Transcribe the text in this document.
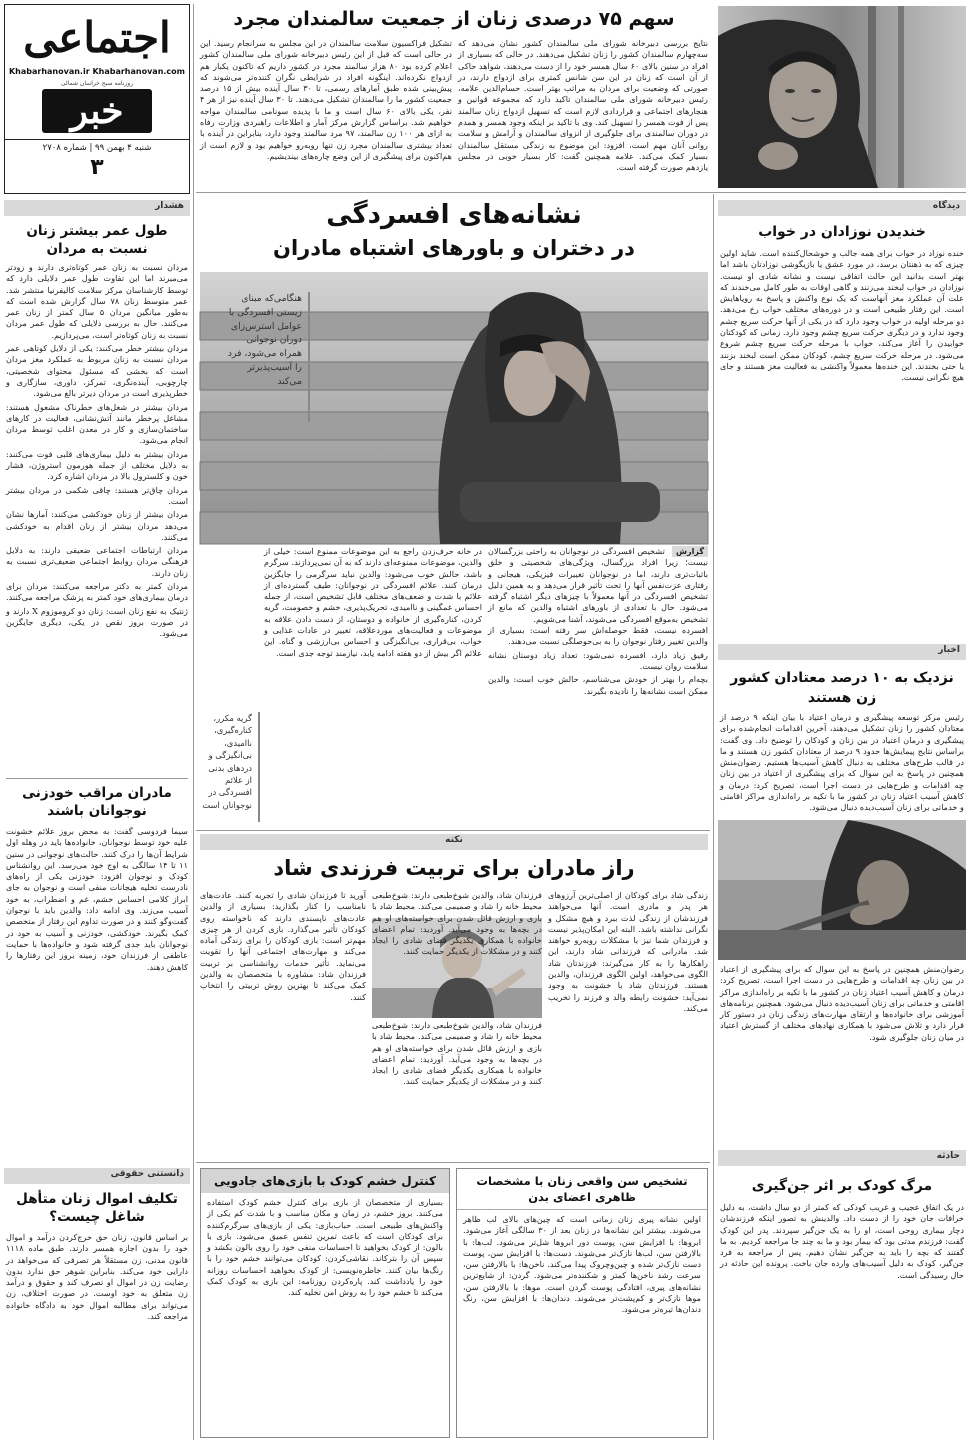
اجتماعی
Khabarhanovan.ir Khabarhanovan.com
روزنامه صبح خراسان شمالی
خبر
شنبه ۴ بهمن ۹۹ | شماره ۲۷۰۸
۳
سهم ۷۵ درصدی زنان از جمعیت سالمندان مجرد
نتایج بررسی دبیرخانه شورای ملی سالمندان کشور نشان می‌دهد که سه‌چهارم سالمندان کشور را زنان تشکیل می‌دهند. در حالی که بسیاری از افراد در سنین بالای ۶۰ سال همسر خود را از دست می‌دهند، شواهد حاکی از آن است که زنان در این سن شانس کمتری برای ازدواج دارند، در صورتی که وضعیت برای مردان به مراتب بهتر است. حسام‌الدین علامه، رئیس دبیرخانه شورای ملی سالمندان تاکید دارد که مجموعه قوانین و هنجارهای اجتماعی و قراردادی لازم است که تسهیل ازدواج زنان سالمند پس از فوت همسر را تسهیل کند. وی با تاکید بر اینکه وجود همسر و همدم در دوران سالمندی برای جلوگیری از انزوای سالمندان و آرامش و سلامت روانی آنان مهم است، افزود: این موضوع به زندگی مستقل سالمندان بسیار کمک می‌کند. علامه همچنین گفت: کار بسیار خوبی در مجلس یازدهم صورت گرفته است.
تشکیل فراکسیون سلامت سالمندان در این مجلس به سرانجام رسید. این در حالی است که قبل از این رئیس دبیرخانه شورای ملی سالمندان کشور اعلام کرده بود ۸۰ هزار سالمند مجرد در کشور داریم که تاکنون یکبار هم ازدواج نکرده‌اند. اینگونه افراد در شرایطی نگران کننده‌تر می‌شوند که پیش‌بینی شده طبق آمارهای رسمی، تا ۳۰ سال آینده بیش از ۱۵ درصد جمعیت کشور ما را سالمندان تشکیل می‌دهند. تا ۳۰ سال آینده نیز از هر ۴ نفر، یکی بالای ۶۰ سال است و ما با پدیده سونامی سالمندان مواجه خواهیم شد. براساس گزارش مرکز آمار و اطلاعات راهبردی وزارت رفاه به ازای هر ۱۰۰ زن سالمند، ۹۷ مرد سالمند وجود دارد، بنابراین در آینده با تعداد بیشتری سالمندان مجرد زن تنها روبه‌رو خواهیم بود و لازم است از هم‌اکنون برای پیشگیری از این وضع چاره‌های بیندیشیم.
هشدار
طول عمر بیشتر زنان نسبت به مردان

مردان نسبت به زنان عمر کوتاه‌تری دارند و زودتر می‌میرند اما این تفاوت طول عمر دلایلی دارد که توسط کارشناسان مرکز سلامت کالیفرنیا منتشر شد. عمر متوسط زنان ۷۸ سال گزارش شده است که به‌طور میانگین مردان ۵ سال کمتر از زنان عمر می‌کنند. حال به بررسی دلایلی که طول عمر مردان نسبت به زنان کوتاه‌تر است، می‌پردازیم.

مردان بیشتر خطر می‌کنند: یکی از دلایل کوتاهی عمر مردان نسبت به زنان مربوط به عملکرد مغز مردان است که بخشی که مسئول محتوای شخصیتی، چارچوبی، آینده‌نگری، تمرکز، داوری، سازگاری و خطرپذیری است در مردان دیرتر بالغ می‌شود.

مردان بیشتر در شغل‌های خطرناک مشغول هستند: مشاغل پرخطر مانند آتش‌نشانی، فعالیت در کارهای ساختمان‌سازی و کار در معدن اغلب توسط مردان انجام می‌شود.

مردان بیشتر به دلیل بیماری‌های قلبی فوت می‌کنند: به دلایل مختلف از جمله هورمون استروژن، فشار خون و کلسترول بالا در مردان اشاره کرد.

مردان چاق‌تر هستند: چاقی شکمی در مردان بیشتر است.

مردان بیشتر از زنان خودکشی می‌کنند: آمارها نشان می‌دهد مردان بیشتر از زنان اقدام به خودکشی می‌کنند.

مردان ارتباطات اجتماعی ضعیفی دارند: به دلایل فرهنگی مردان روابط اجتماعی ضعیف‌تری نسبت به زنان دارند.

مردان کمتر به دکتر مراجعه می‌کنند: مردان برای درمان بیماری‌های خود کمتر به پزشک مراجعه می‌کنند.

ژنتیک به نفع زنان است: زنان دو کروموزوم X دارند و در صورت بروز نقص در یکی، دیگری جایگزین می‌شود.

مادران مراقب خودزنی نوجوانان باشند
سیما فردوسی گفت: به محض بروز علائم خشونت علیه خود توسط نوجوانان، خانواده‌ها باید در وهله اول شرایط آن‌ها را درک کنند. حالت‌های نوجوانی در سنین ۱۱ تا ۱۴ سالگی به اوج خود می‌رسد. این روانشناس کودک و نوجوان افزود: خودزنی یکی از راه‌های نادرست تخلیه هیجانات منفی است و نوجوان به جای ابراز کلامی احساس خشم، غم و اضطراب، به خود آسیب می‌زند. وی ادامه داد: والدین باید با نوجوان گفت‌وگو کنند و در صورت تداوم این رفتار از متخصص کمک بگیرند. خودکشی، خودزنی و آسیب به خود در نوجوانان باید جدی گرفته شود و خانواده‌ها با حمایت عاطفی از فرزندان خود، زمینه بروز این رفتارها را کاهش دهند.
دانستنی حقوقی
تکلیف اموال زنان متأهل شاغل چیست؟
بر اساس قانون، زنان حق خرج‌کردن درآمد و اموال خود را بدون اجازه همسر دارند. طبق ماده ۱۱۱۸ قانون مدنی، زن مستقلاً هر تصرفی که می‌خواهد در دارایی خود می‌کند. بنابراین شوهر حق ندارد بدون رضایت زن در اموال او تصرف کند و حقوق و درآمد زن متعلق به خود اوست. در صورت اختلاف، زن می‌تواند برای مطالبه اموال خود به دادگاه خانواده مراجعه کند.
دیدگاه
خندیدن نوزادان در خواب
خنده نوزاد در خواب برای همه جالب و خوشحال‌کننده است. شاید اولین چیزی که به ذهنتان برسد، در مورد عشق یا بازیگوشی نوزادتان باشد اما بهتر است بدانید این حالت اتفاقی نیست و نشانه شادی او نیست. نوزادان در خواب لبخند می‌زنند و گاهی اوقات به طور کامل می‌خندند که علت آن عملکرد مغز آنهاست که یک نوع واکنش و پاسخ به رویاهایش است. این رفتار طبیعی است و در دوره‌های مختلف خواب رخ می‌دهد. دو مرحله اولیه در خواب وجود دارد که در یکی از آنها حرکت سریع چشم وجود ندارد و در دیگری حرکت سریع چشم وجود دارد. زمانی که کودکتان خوابیدن را آغاز می‌کند، خواب با مرحله حرکت سریع چشم شروع می‌شود. در مرحله حرکت سریع چشم، کودکان ممکن است لبخند بزنند یا حتی بخندند. این خنده‌ها معمولاً واکنشی به فعالیت مغز هستند و جای هیچ نگرانی نیست.
اخبار
نزدیک به ۱۰ درصد معتادان کشور زن هستند
رئیس مرکز توسعه پیشگیری و درمان اعتیاد با بیان اینکه ۹ درصد از معتادان کشور را زنان تشکیل می‌دهند، آخرین اقدامات انجام‌شده برای پیشگیری و درمان اعتیاد در بین زنان و کودکان را توضیح داد. وی گفت: براساس نتایج پیمایش‌ها حدود ۹ درصد از معتادان کشور زن هستند و ما در قالب طرح‌های مختلف به دنبال کاهش آسیب‌ها هستیم. رضوان‌منش همچنین در پاسخ به این سوال که برای پیشگیری از اعتیاد در بین زنان چه اقدامات و طرح‌هایی در دست اجرا است، تصریح کرد: درمان و کاهش آسیب اعتیاد زنان در کشور ما با تکیه بر راه‌اندازی مراکز اقامتی و خدماتی برای زنان آسیب‌دیده دنبال می‌شود.
رضوان‌منش همچنین در پاسخ به این سوال که برای پیشگیری از اعتیاد در بین زنان چه اقدامات و طرح‌هایی در دست اجرا است، تصریح کرد: درمان و کاهش آسیب اعتیاد زنان در کشور ما با تکیه بر راه‌اندازی مراکز اقامتی و خدماتی برای زنان آسیب‌دیده دنبال می‌شود. همچنین برنامه‌های آموزشی برای خانواده‌ها و ارتقای مهارت‌های زندگی زنان در دستور کار قرار دارد و تلاش می‌شود با همکاری نهادهای مختلف از گسترش اعتیاد در میان زنان جلوگیری شود.
حادثه
مرگ کودک بر اثر جن‌گیری
در یک اتفاق عجیب و غریب کودکی که کمتر از دو سال داشت، به دلیل خرافات جان خود را از دست داد. والدینش به تصور اینکه فرزندشان دچار بیماری روحی است، او را به یک جن‌گیر سپردند. پدر این کودک گفت: فرزندم مدتی بود که بیمار بود و ما به چند جا مراجعه کردیم. به ما گفتند که بچه را باید به جن‌گیر نشان دهیم. پس از مراجعه به فرد جن‌گیر، کودک به دلیل آسیب‌های وارده جان باخت. پرونده این حادثه در حال رسیدگی است.
نشانه‌های افسردگی
در دختران و باورهای اشتباه مادران
هنگامی‌که مبنای زیستی افسردگی با عوامل استرس‌زای دوران نوجوانی همراه می‌شود، فرد را آسیب‌پذیرتر می‌کند
گزارش تشخیص افسردگی در نوجوانان به راحتی بزرگسالان نیست؛ زیرا افراد بزرگسال، ویژگی‌های شخصیتی و خلق باثبات‌تری دارند، اما در نوجوانان تغییرات فیزیکی، هیجانی و رفتاری عزت‌نفس آنها را تحت تأثیر قرار می‌دهد و به همین دلیل تشخیص افسردگی در آنها معمولاً با چیزهای دیگر اشتباه گرفته می‌شود. حال با تعدادی از باورهای اشتباه والدین که مانع از تشخیص به‌موقع افسردگی می‌شوند، آشنا می‌شویم.

افسرده نیست، فقط حوصله‌اش سر رفته است: بسیاری از والدین تغییر رفتار نوجوان را به بی‌حوصلگی نسبت می‌دهند.

رفیق زیاد دارد، افسرده نمی‌شود: تعداد زیاد دوستان نشانه سلامت روان نیست.

بچه‌ام را بهتر از خودش می‌شناسم، حالش خوب است: والدین ممکن است نشانه‌ها را نادیده بگیرند.

در خانه حرف‌زدن راجع به این موضوعات ممنوع است: خیلی از والدین، موضوعات ممنوعه‌ای دارند که به آن نمی‌پردازند. سرگرم باشد، حالش خوب می‌شود: والدین نباید سرگرمی را جایگزین درمان کنند. علائم افسردگی در نوجوانان: طیف گسترده‌ای از علائم با شدت و ضعف‌های مختلف قابل تشخیص است، از جمله احساس غمگینی و ناامیدی، تحریک‌پذیری، خشم و خصومت، گریه کردن، کناره‌گیری از خانواده و دوستان، از دست دادن علاقه به موضوعات و فعالیت‌های موردعلاقه، تغییر در عادات غذایی و خواب، بی‌قراری، بی‌انگیزگی و احساس بی‌ارزشی و گناه. این علائم اگر بیش از دو هفته ادامه یابد، نیازمند توجه جدی است.
گریه مکرر، کناره‌گیری، ناامیدی، بی‌انگیزگی و دردهای بدنی از علائم افسردگی در نوجوانان است
نکته
راز مادران برای تربیت فرزندی شاد
زندگی شاد برای کودکان از اصلی‌ترین آرزوهای هر پدر و مادری است. آنها می‌خواهند فرزندشان از زندگی لذت ببرد و هیچ مشکل و نگرانی نداشته باشد. البته این امکان‌پذیر نیست و فرزندان شما نیز با مشکلات روبه‌رو خواهند شد. مادرانی که فرزندانی شاد دارند، این راهکارها را به کار می‌گیرند: فرزندتان شاد الگوی می‌خواهد، اولین الگوی فرزندان، والدین هستند. فرزندتان شاد با خشونت به وجود نمی‌آید: خشونت رابطه والد و فرزند را تخریب می‌کند.
فرزندان شاد، والدین شوخ‌طبعی دارند: شوخ‌طبعی محیط خانه را شاد و صمیمی می‌کند. محیط شاد با بازی و ارزش قائل شدن برای خواسته‌های او هم در بچه‌ها به وجود می‌آید. آوردید: تمام اعضای خانواده با همکاری یکدیگر فضای شادی را ایجاد کنند و در مشکلات از یکدیگر حمایت کنند.
فرزندان شاد، والدین شوخ‌طبعی دارند: شوخ‌طبعی محیط خانه را شاد و صمیمی می‌کند. محیط شاد با بازی و ارزش قائل شدن برای خواسته‌های او هم در بچه‌ها به وجود می‌آید. آوردید: تمام اعضای خانواده با همکاری یکدیگر فضای شادی را ایجاد کنند و در مشکلات از یکدیگر حمایت کنند.
آورید تا فرزندان شادی را تجربه کنند. عادت‌های نامناسب را کنار بگذارید: بسیاری از والدین عادت‌های ناپسندی دارند که ناخواسته روی کودکان تأثیر می‌گذارد. بازی کردن از هر چیزی مهم‌تر است: بازی کودکان را برای زندگی آماده می‌کند و مهارت‌های اجتماعی آنها را تقویت می‌نماید. تأثیر خدمات روانشناسی بر تربیت فرزندان شاد: مشاوره با متخصصان به والدین کمک می‌کند تا بهترین روش تربیتی را انتخاب کنند.
تشخیص سن واقعی زنان با مشخصات ظاهری اعضای بدن
اولین نشانه پیری زنان زمانی است که چین‌های بالای لب ظاهر می‌شوند. بیشتر این نشانه‌ها در زنان بعد از ۳۰ سالگی آغاز می‌شود. ابروها: با افزایش سن، پوست دور ابروها شل‌تر می‌شود. لب‌ها: با بالارفتن سن، لب‌ها نازک‌تر می‌شوند. دست‌ها: با افزایش سن، پوست دست نازک‌تر شده و چین‌وچروک پیدا می‌کند. ناخن‌ها: با بالارفتن سن، سرعت رشد ناخن‌ها کمتر و شکننده‌تر می‌شود. گردن: از شایع‌ترین نشانه‌های پیری، افتادگی پوست گردن است. موها: با بالارفتن سن، موها نازک‌تر و کم‌پشت‌تر می‌شوند. دندان‌ها: با افزایش سن، رنگ دندان‌ها تیره‌تر می‌شود.
کنترل خشم کودک با بازی‌های جادویی
بسیاری از متخصصان از بازی برای کنترل خشم کودک استفاده می‌کنند. بروز خشم، در زمان و مکان مناسب و با شدت کم یکی از واکنش‌های طبیعی است. حباب‌بازی: یکی از بازی‌های سرگرم‌کننده برای کودکان است که باعث تمرین تنفس عمیق می‌شود. بازی با بالون: از کودک بخواهید تا احساسات منفی خود را روی بالون بکشد و سپس آن را بترکاند. نقاشی‌کردن: کودکان می‌توانند خشم خود را با رنگ‌ها بیان کنند. خاطره‌نویسی: از کودک بخواهید احساسات روزانه خود را یادداشت کند. پاره‌کردن روزنامه: این بازی به کودک کمک می‌کند تا خشم خود را به روش امن تخلیه کند.
